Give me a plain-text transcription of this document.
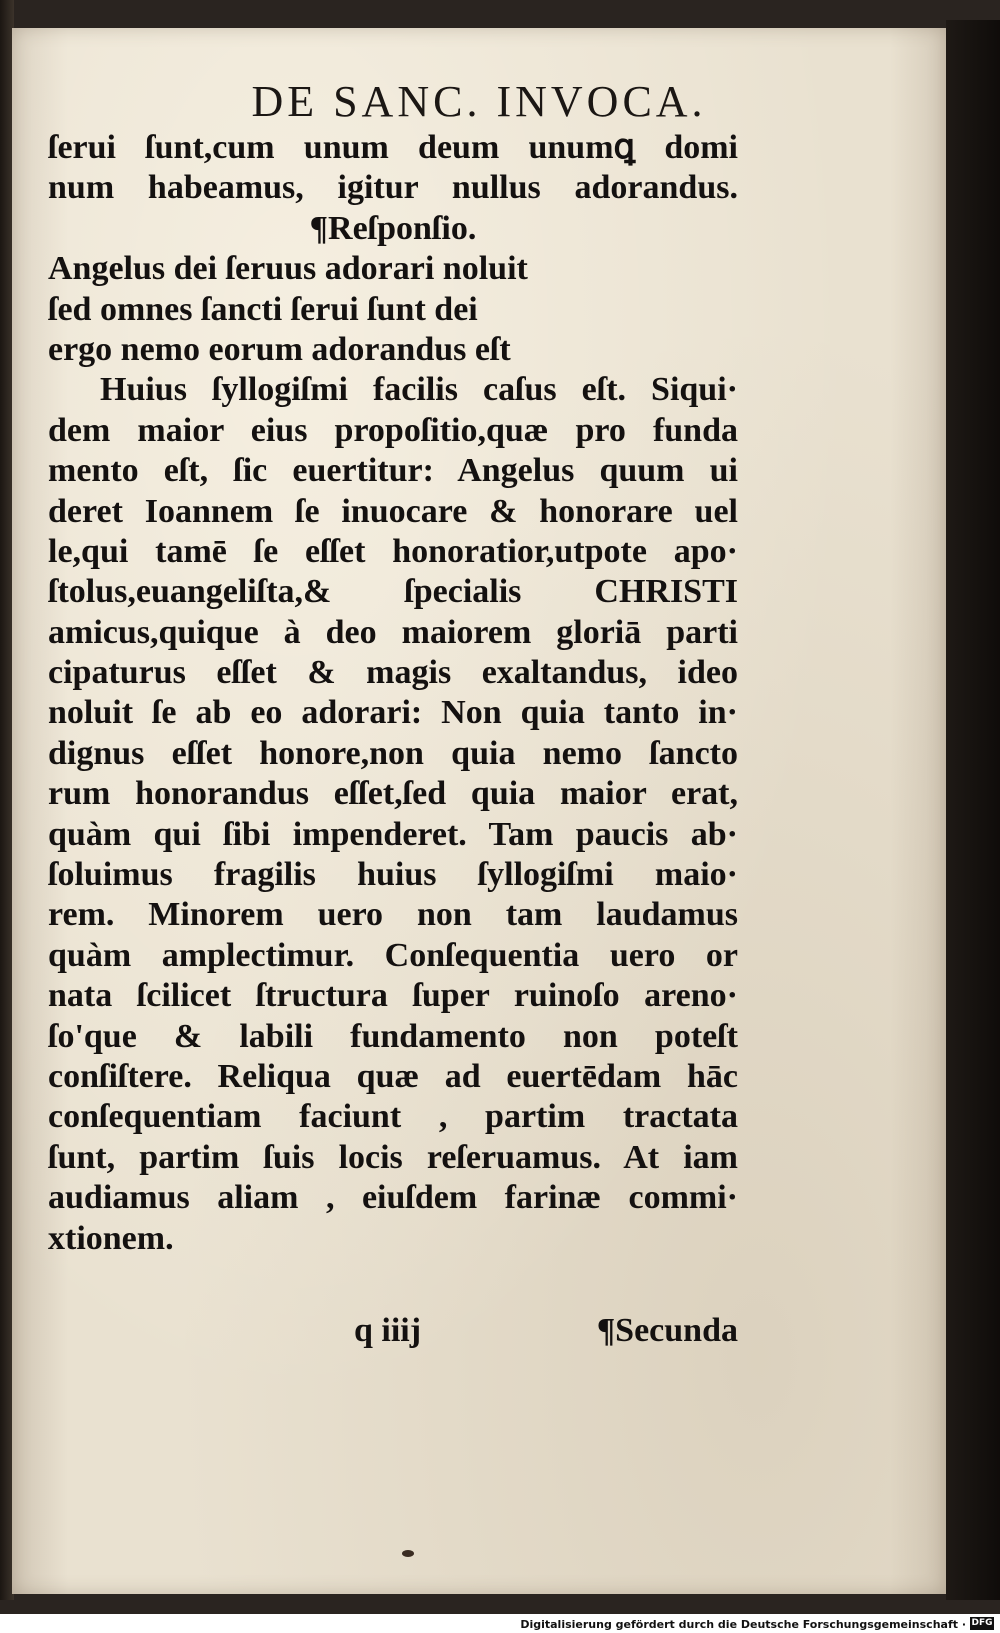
DE SANC. INVOCA.
ſerui ſunt,cum unum deum unumꝗ domi
num habeamus, igitur nullus adorandus.
¶Reſponſio.
Angelus dei ſeruus adorari noluit
ſed omnes ſancti ſerui ſunt dei
ergo nemo eorum adorandus eſt
Huius ſyllogiſmi facilis caſus eſt. Siqui·
dem maior eius propoſitio,quæ pro funda
mento eſt, ſic euertitur: Angelus quum ui
deret Ioannem ſe inuocare & honorare uel
le,qui tamē ſe eſſet honoratior,utpote apo·
ſtolus,euangeliſta,& ſpecialis CHRISTI
amicus,quique à deo maiorem gloriā parti
cipaturus eſſet & magis exaltandus, ideo
noluit ſe ab eo adorari: Non quia tanto in·
dignus eſſet honore,non quia nemo ſancto
rum honorandus eſſet,ſed quia maior erat,
quàm qui ſibi impenderet. Tam paucis ab·
ſoluimus fragilis huius ſyllogiſmi maio·
rem. Minorem uero non tam laudamus
quàm amplectimur. Conſequentia uero or
nata ſcilicet ſtructura ſuper ruinoſo areno·
ſo'que & labili fundamento non poteſt
conſiſtere. Reliqua quæ ad euertēdam hāc
conſequentiam faciunt , partim tractata
ſunt, partim ſuis locis reſeruamus. At iam
audiamus aliam , eiuſdem farinæ commi·
xtionem.
q iiij	¶Secunda
Digitalisierung gefördert durch die Deutsche Forschungsgemeinschaft · DFG
